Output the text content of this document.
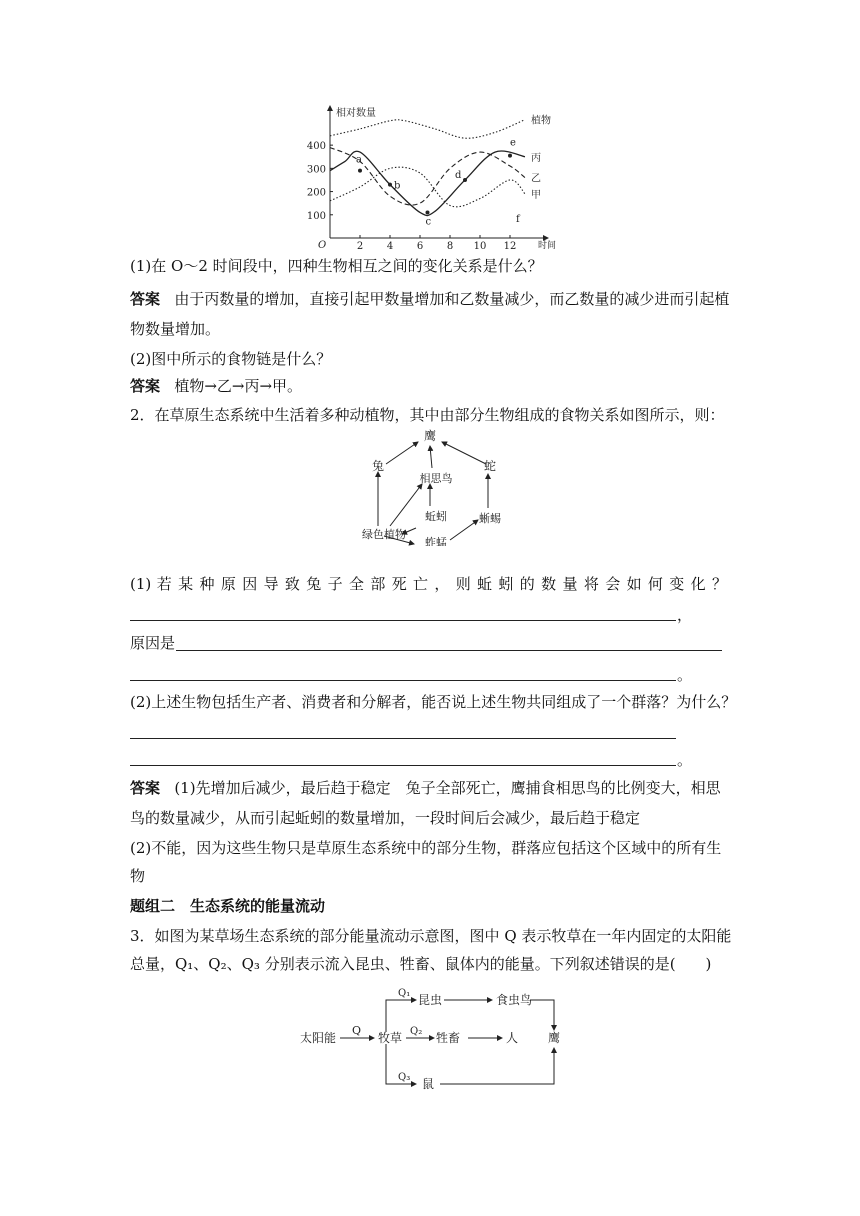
相对数量
时间
O
100
200
300
400
2 4 6 8 10 12
植物
丙
乙
甲
a
b
c
d
e
f
(1)在 O～2 时间段中，四种生物相互之间的变化关系是什么？
答案 由于丙数量的增加，直接引起甲数量增加和乙数量减少，而乙数量的减少进而引起植
物数量增加。
(2)图中所示的食物链是什么？
答案 植物→乙→丙→甲。
2．在草原生态系统中生活着多种动植物，其中由部分生物组成的食物关系如图所示，则：
鹰
兔	蛇
相思鸟
蚯蚓	蜥蜴
绿色植物
蚱蜢
(1) 若 某 种 原 因 导 致 兔 子 全 部 死 亡 ， 则 蚯 蚓 的 数 量 将 会 如 何 变 化 ？
，
原因是
。
(2)上述生物包括生产者、消费者和分解者，能否说上述生物共同组成了一个群落？为什么？
。
答案 (1)先增加后减少，最后趋于稳定　兔子全部死亡，鹰捕食相思鸟的比例变大，相思
鸟的数量减少，从而引起蚯蚓的数量增加，一段时间后会减少，最后趋于稳定
(2)不能，因为这些生物只是草原生态系统中的部分生物，群落应包括这个区域中的所有生
物
题组二　生态系统的能量流动
3．如图为某草场生态系统的部分能量流动示意图，图中 Q 表示牧草在一年内固定的太阳能
总量，Q₁、Q₂、Q₃ 分别表示流入昆虫、牲畜、鼠体内的能量。下列叙述错误的是(　　)
太阳能
Q
牧草
Q₁
Q₂
Q₃
昆虫	食虫鸟
牲畜	人 鹰
鼠
